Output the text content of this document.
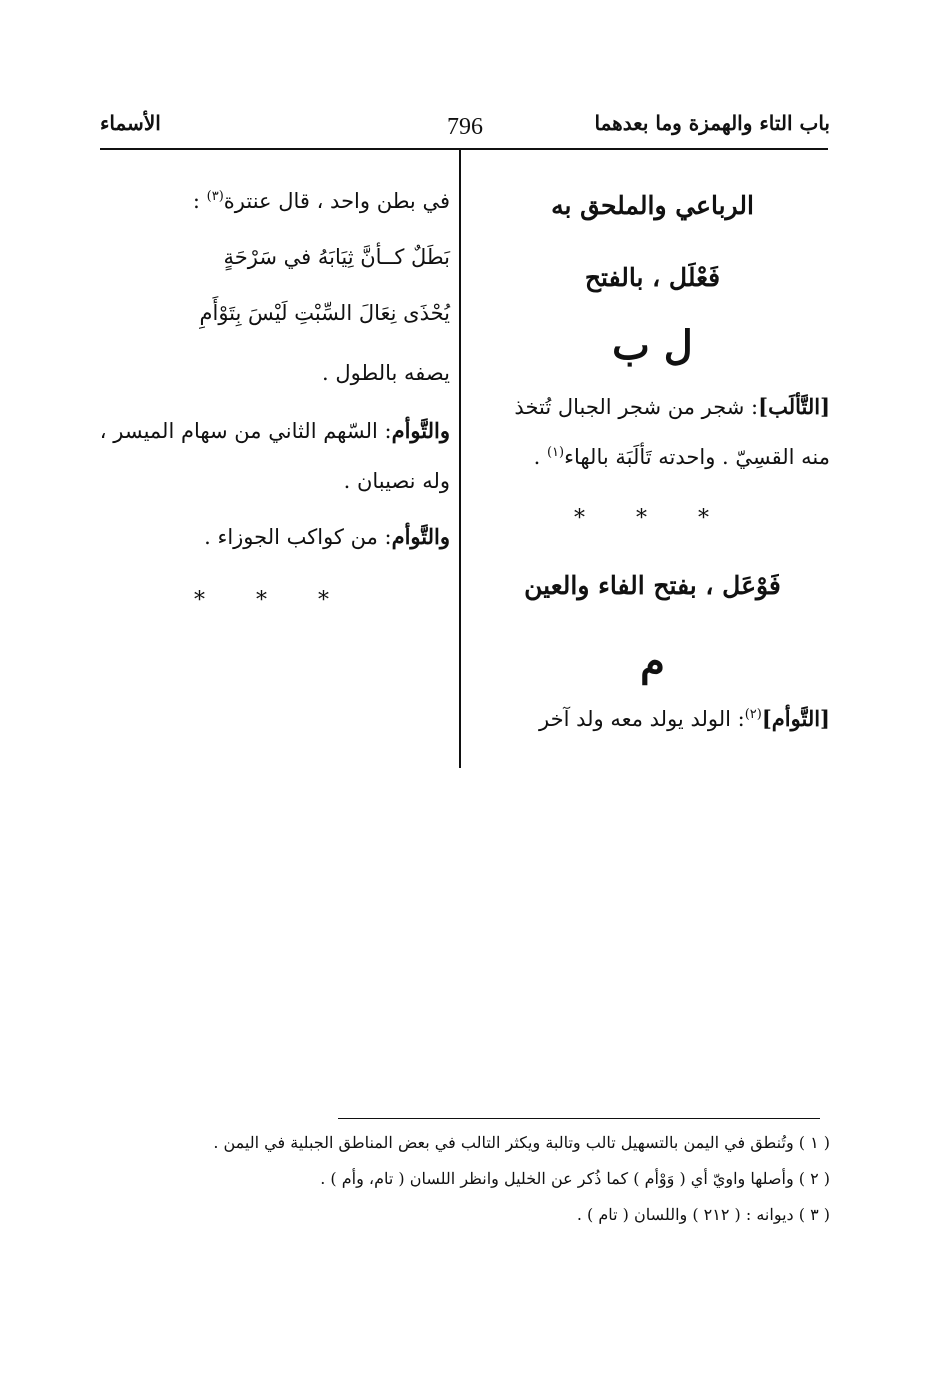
باب التاء والهمزة وما بعدهما
796
الأسماء
الرباعي والملحق به
فَعْلَل ، بالفتح
ل ب
[التَّألَب]: شجر من شجر الجبال تُتخذ
منه القسِيّ . واحدته تَألَبَة بالهاء$^{(١)}$ .
* * *
فَوْعَل ، بفتح الفاء والعين
م
[التَّوأم]$^{(٢)}$: الولد يولد معه ولد آخر
في بطن واحد ، قال عنترة$^{(٣)}$ :
بَطَلٌ كــأنَّ ثِيَابَهُ في سَرْحَةٍ
يُحْذَى نِعَالَ السِّبْتِ لَيْسَ بِتَوْأَمِ
يصفه بالطول .
والتَّوأم: السّهم الثاني من سهام الميسر ،
وله نصيبان .
والتَّوأم: من كواكب الجوزاء .
* * *
( ١ ) وتُنطق في اليمن بالتسهيل تالب وتالبة ويكثر التالب في بعض المناطق الجبلية في اليمن .
( ٢ ) وأصلها واويّ أي ( وَوْأم ) كما ذُكر عن الخليل وانظر اللسان ( تام، وأم ) .
( ٣ ) ديوانه : ( ٢١٢ ) واللسان ( تام ) .
